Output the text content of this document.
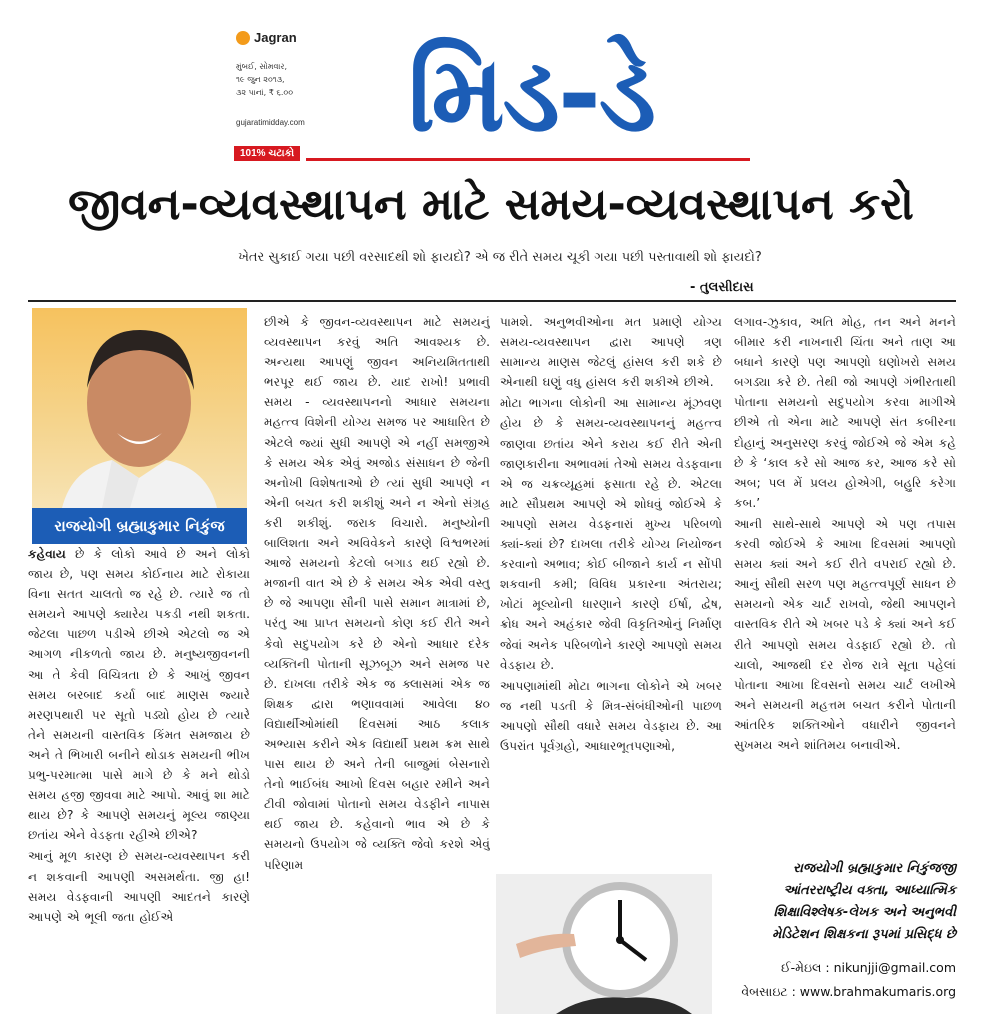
Jagran
મુંબઈ, સોમવાર,
૧૯ જુન ૨૦૧૩,
૩૨ પાનાં, ₹ ૬.૦૦
gujaratimidday.com
101% ચટાકો	મિડ-ડે
જીવન-વ્યવસ્થાપન માટે સમય-વ્યવસ્થાપન કરો
ખેતર સુકાઈ ગયા પછી વરસાદથી શો ફાયદો? એ જ રીતે સમય ચૂકી ગયા પછી પસ્તાવાથી શો ફાયદો?
- તુલસીદાસ
રાજયોગી બ્રહ્માકુમાર નિકુંજ

કહેવાય છે કે લોકો આવે છે અને લોકો જાય છે, પણ સમય કોઈનાય માટે રોકાયા વિના સતત ચાલતો જ રહે છે. ત્યારે જ તો સમયને આપણે ક્યારેય પકડી નથી શકતા. જેટલા પાછળ પડીએ છીએ એટલો જ એ આગળ નીકળતો જાય છે. મનુષ્યજીવનની આ તે કેવી વિચિત્રતા છે કે આખું જીવન સમય બરબાદ કર્યા બાદ માણસ જ્યારે મરણપથારી પર સૂતો પડ્યો હોય છે ત્યારે તેને સમયની વાસ્તવિક કિંમત સમજાય છે અને તે ભિખારી બનીને થોડાક સમયની ભીખ પ્રભુ-પરમાત્મા પાસે માગે છે કે મને થોડો સમય હજી જીવવા માટે આપો. આવું શા માટે થાય છે? કે આપણે સમયનું મૂલ્ય જાણ્યા છતાંય એને વેડફતા રહીએ છીએ?

આનું મૂળ કારણ છે સમય-વ્યવસ્થાપન કરી ન શકવાની આપણી અસમર્થતા. જી હા! સમય વેડફવાની આપણી આદતને કારણે આપણે એ ભૂલી જતા હોઈએ

છીએ કે જીવન-વ્યવસ્થાપન માટે સમયનું વ્યવસ્થાપન કરવું અતિ આવશ્યક છે. અન્યથા આપણું જીવન અનિયમિતતાથી ભરપૂર થઈ જાય છે. યાદ રાખો! પ્રભાવી સમય - વ્યવસ્થાપનનો આધાર સમયના મહત્ત્વ વિશેની યોગ્ય સમજ પર આધારિત છે એટલે જ્યાં સુધી આપણે એ નહીં સમજીએ કે સમય એક એવું અજોડ સંસાધન છે જેની અનોખી વિશેષતાઓ છે ત્યાં સુધી આપણે ન એની બચત કરી શકીશું અને ન એનો સંગ્રહ કરી શકીશું. જરાક વિચારો. મનુષ્યોની બાલિશતા અને અવિવેકને કારણે વિશ્વભરમાં આજે સમયનો કેટલો બગાડ થઈ રહ્યો છે. મજાની વાત એ છે કે સમય એક એવી વસ્તુ છે જે આપણા સૌની પાસે સમાન માત્રામાં છે, પરંતુ આ પ્રાપ્ત સમયનો કોણ કઈ રીતે અને કેવો સદુપયોગ કરે છે એનો આધાર દરેક વ્યક્તિની પોતાની સૂઝબૂઝ અને સમજ પર છે. દાખલા તરીકે એક જ ક્લાસમાં એક જ શિક્ષક દ્વારા ભણાવવામાં આવેલા ૪૦ વિદ્યાર્થીઓમાંથી દિવસમાં આઠ કલાક અભ્યાસ કરીને એક વિદ્યાર્થી પ્રથમ ક્રમ સાથે પાસ થાય છે અને તેની બાજુમાં બેસનારો તેનો ભાઈબંધ આખો દિવસ બહાર રમીને અને ટીવી જોવામાં પોતાનો સમય વેડફીને નાપાસ થઈ જાય છે. કહેવાનો ભાવ એ છે કે સમયનો ઉપયોગ જે વ્યક્તિ જેવો કરશે એવું પરિણામ

પામશે. અનુભવીઓના મત પ્રમાણે યોગ્ય સમય-વ્યવસ્થાપન દ્વારા આપણે ત્રણ સામાન્ય માણસ જેટલું હાંસલ કરી શકે છે એનાથી ઘણું વધુ હાંસલ કરી શકીએ છીએ.

મોટા ભાગના લોકોની આ સામાન્ય મૂંઝવણ હોય છે કે સમય-વ્યવસ્થાપનનું મહત્ત્વ જાણવા છતાંય એને કરાય કઈ રીતે એની જાણકારીના અભાવમાં તેઓ સમય વેડફવાના એ જ ચક્રવ્યૂહમાં ફસાતા રહે છે. એટલા માટે સૌપ્રથમ આપણે એ શોધવું જોઈએ કે આપણો સમય વેડફનારાં મુખ્ય પરિબળો ક્યાં-ક્યાં છે? દાખલા તરીકે યોગ્ય નિયોજન કરવાનો અભાવ; કોઈ બીજાને કાર્ય ન સોંપી શકવાની કમી; વિવિધ પ્રકારના અંતરાય; ખોટાં મૂલ્યોની ધારણાને કારણે ઈર્ષા, દ્વેષ, ક્રોધ અને અહંકાર જેવી વિકૃતિઓનું નિર્માણ જેવાં અનેક પરિબળોને કારણે આપણો સમય વેડફાય છે.

આપણામાંથી મોટા ભાગના લોકોને એ ખબર જ નથી પડતી કે મિત્ર-સંબંધીઓની પાછળ આપણો સૌથી વધારે સમય વેડફાય છે. આ ઉપરાંત પૂર્વગ્રહો, આધારભૂતપણાઓ,

લગાવ-ઝુકાવ, અતિ મોહ, તન અને મનને બીમાર કરી નાખનારી ચિંતા અને તાણ આ બધાને કારણે પણ આપણો ઘણોખરો સમય બગડ્યા કરે છે. તેથી જો આપણે ગંભીરતાથી પોતાના સમયનો સદુપયોગ કરવા માગીએ છીએ તો એના માટે આપણે સંત કબીરના દોહાનું અનુસરણ કરવું જોઈએ જે એમ કહે છે કે ‘કાલ કરે સો આજ કર, આજ કરે સો અબ; પલ મેં પ્રલય હોએગી, બહુરિ કરેગા કબ.’

આની સાથે-સાથે આપણે એ પણ તપાસ કરવી જોઈએ કે આખા દિવસમાં આપણો સમય ક્યાં અને કઈ રીતે વપરાઈ રહ્યો છે. આનું સૌથી સરળ પણ મહત્ત્વપૂર્ણ સાધન છે સમયનો એક ચાર્ટ રાખવો, જેથી આપણને વાસ્તવિક રીતે એ ખબર પડે કે ક્યાં અને કઈ રીતે આપણો સમય વેડફાઈ રહ્યો છે. તો ચાલો, આજથી દર રોજ રાત્રે સૂતા પહેલાં પોતાના આખા દિવસનો સમય ચાર્ટ લખીએ અને સમયની મહત્તમ બચત કરીને પોતાની આંતરિક શક્તિઓને વધારીને જીવનને સુખમય અને શાંતિમય બનાવીએ.

રાજયોગી બ્રહ્માકુમાર નિકુંજજી
આંતરરાષ્ટ્રીય વક્તા, આધ્યાત્મિક
શિક્ષાવિશ્લેષક-લેખક અને અનુભવી
મેડિટેશન શિક્ષકના રૂપમાં પ્રસિદ્ધ છે
ઈ-મેઇલ : nikunjji@gmail.com
વેબસાઇટ : www.brahmakumaris.org
